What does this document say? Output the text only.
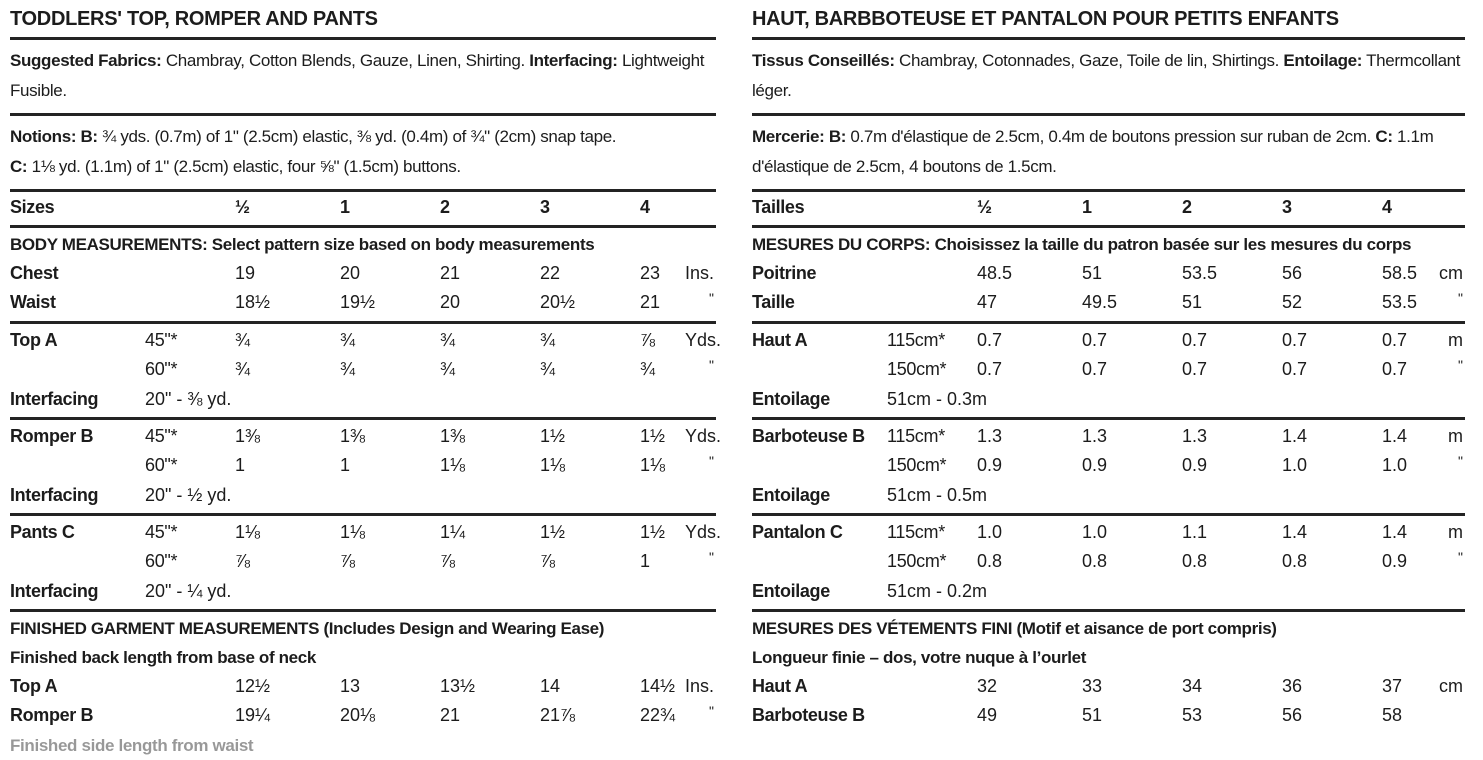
TODDLERS' TOP, ROMPER AND PANTS

Suggested Fabrics: Chambray, Cotton Blends, Gauze, Linen, Shirting. Interfacing: Lightweight

Fusible.

Notions: B: ¾ yds. (0.7m) of 1" (2.5cm) elastic, ⅜ yd. (0.4m) of ¾" (2cm) snap tape.

C: 1⅛ yd. (1.1m) of 1" (2.5cm) elastic, four ⅝" (1.5cm) buttons.

Sizes	½	1	2	3	4
BODY MEASUREMENTS: Select pattern size based on body measurements
Chest	19	20	21	22	23	Ins.
Waist	18½	19½	20	20½	21	"
Top A	45"*	¾	¾	¾	¾	⅞	Yds.
60"*	¾	¾	¾	¾	¾	"
Interfacing	20" - ⅜ yd.
Romper B	45"*	1⅜	1⅜	1⅜	1½	1½	Yds.
60"*	1	1	1⅛	1⅛	1⅛	"
Interfacing	20" - ½ yd.
Pants C	45"*	1⅛	1⅛	1¼	1½	1½	Yds.
60"*	⅞	⅞	⅞	⅞	1	"
Interfacing	20" - ¼ yd.
FINISHED GARMENT MEASUREMENTS (Includes Design and Wearing Ease)
Finished back length from base of neck
Top A	12½	13	13½	14	14½ Ins.
Romper B	19¼	20⅛	21	21⅞	22¾	"
Finished side length from waist
HAUT, BARBBOTEUSE ET PANTALON POUR PETITS ENFANTS

Tissus Conseillés: Chambray, Cotonnades, Gaze, Toile de lin, Shirtings. Entoilage: Thermcollant

léger.

Mercerie: B: 0.7m d'élastique de 2.5cm, 0.4m de boutons pression sur ruban de 2cm. C: 1.1m

d'élastique de 2.5cm, 4 boutons de 1.5cm.

Tailles	½	1	2	3	4
MESURES DU CORPS: Choisissez la taille du patron basée sur les mesures du corps
Poitrine	48.5	51	53.5	56	58.5	cm
Taille	47	49.5	51	52	53.5	"
Haut A	115cm*	0.7	0.7	0.7	0.7	0.7	m
150cm*	0.7	0.7	0.7	0.7	0.7	"
Entoilage	51cm - 0.3m
Barboteuse B	115cm*	1.3	1.3	1.3	1.4	1.4	m
150cm*	0.9	0.9	0.9	1.0	1.0	"
Entoilage	51cm - 0.5m
Pantalon C	115cm*	1.0	1.0	1.1	1.4	1.4	m
150cm*	0.8	0.8	0.8	0.8	0.9	"
Entoilage	51cm - 0.2m
MESURES DES VÉTEMENTS FINI (Motif et aisance de port compris)
Longueur finie – dos, votre nuque à l’ourlet
Haut A	32	33	34	36	37	cm
Barboteuse B	49	51	53	56	58
